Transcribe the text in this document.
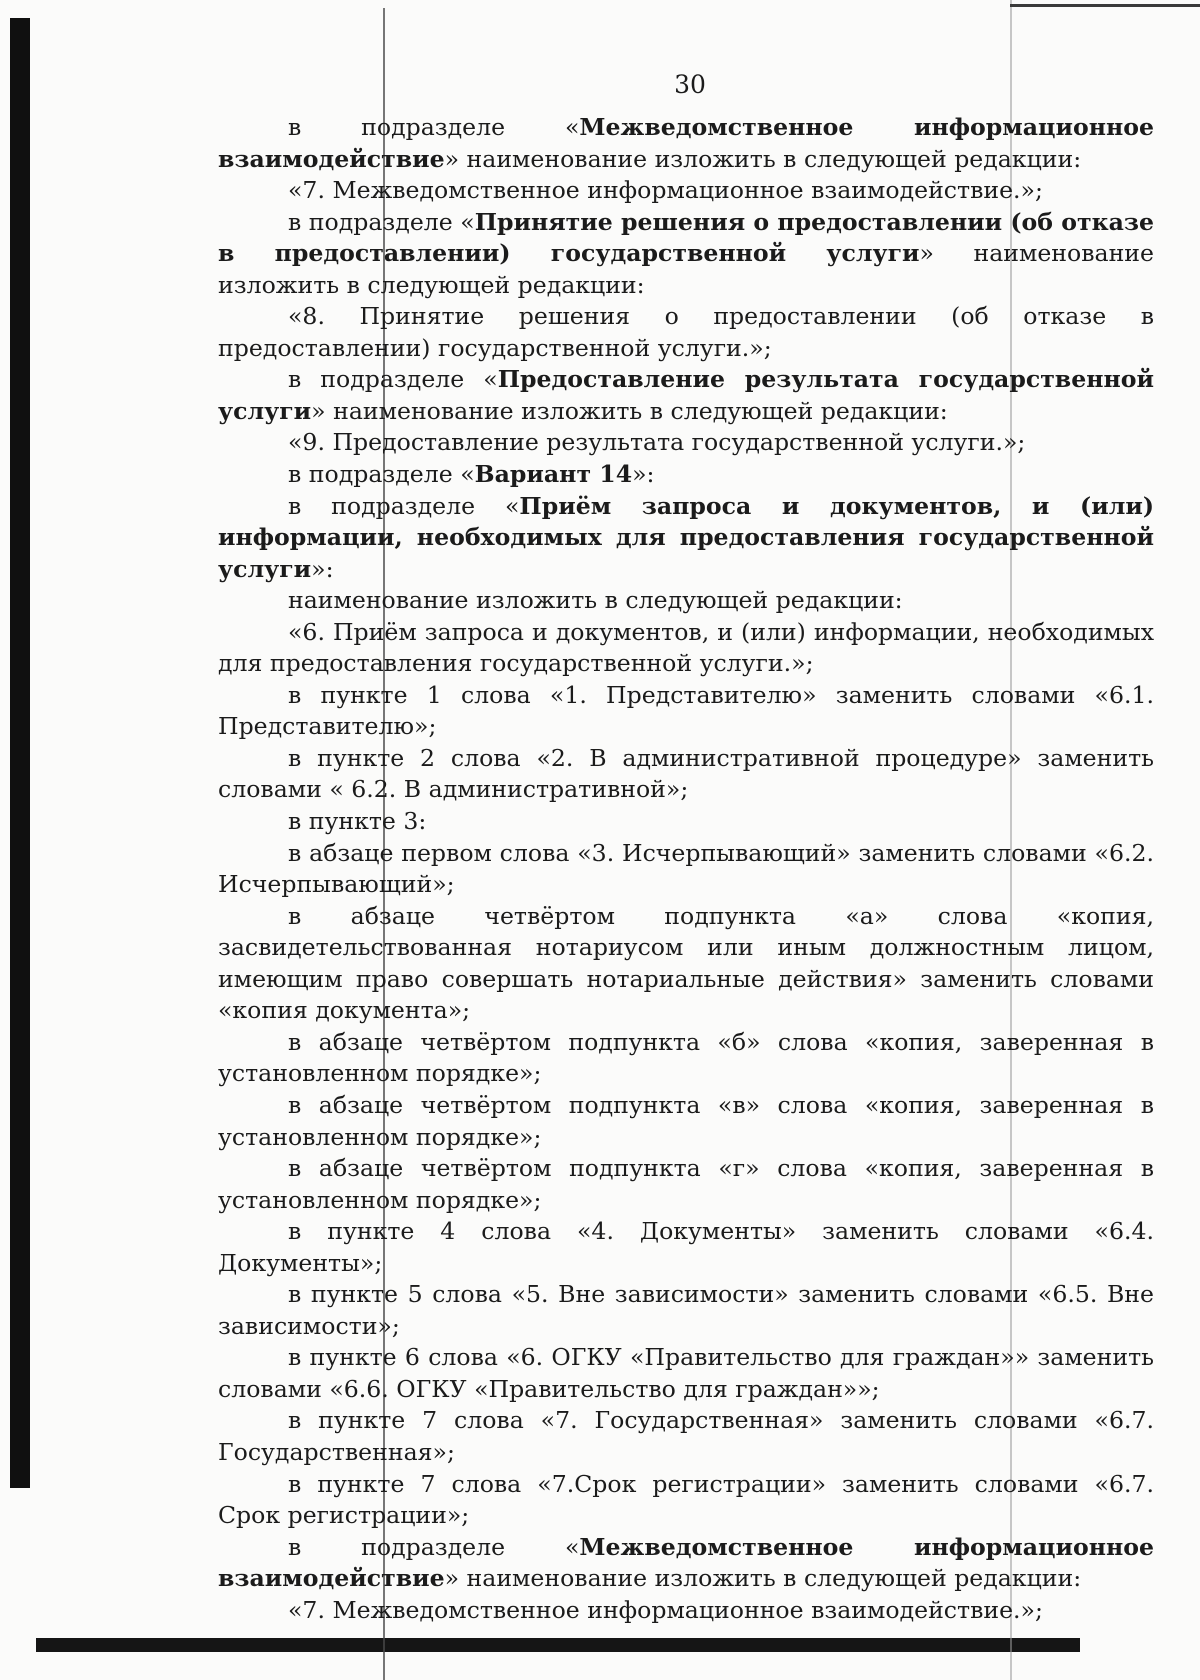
30

в подразделе «Межведомственное информационное взаимодействие» наименование изложить в следующей редакции:

«7. Межведомственное информационное взаимодействие.»;

в подразделе «Принятие решения о предоставлении (об отказе в предоставлении) государственной услуги» наименование изложить в следующей редакции:

«8. Принятие решения о предоставлении (об отказе в предоставлении) государственной услуги.»;

в подразделе «Предоставление результата государственной услуги» наименование изложить в следующей редакции:

«9. Предоставление результата государственной услуги.»;

в подразделе «Вариант 14»:

в подразделе «Приём запроса и документов, и (или) информации, необходимых для предоставления государственной услуги»:

наименование изложить в следующей редакции:

«6. Приём запроса и документов, и (или) информации, необходимых для предоставления государственной услуги.»;

в пункте 1 слова «1. Представителю» заменить словами «6.1. Представителю»;

в пункте 2 слова «2. В административной процедуре» заменить словами « 6.2. В административной»;

в пункте 3:

в абзаце первом слова «3. Исчерпывающий» заменить словами «6.2. Исчерпывающий»;

в абзаце четвёртом подпункта «а» слова «копия, засвидетельствованная нотариусом или иным должностным лицом, имеющим право совершать нотариальные действия» заменить словами «копия документа»;

в абзаце четвёртом подпункта «б» слова «копия, заверенная в установленном порядке»;

в абзаце четвёртом подпункта «в» слова «копия, заверенная в установленном порядке»;

в абзаце четвёртом подпункта «г» слова «копия, заверенная в установленном порядке»;

в пункте 4 слова «4. Документы» заменить словами «6.4. Документы»;

в пункте 5 слова «5. Вне зависимости» заменить словами «6.5. Вне зависимости»;

в пункте 6 слова «6. ОГКУ «Правительство для граждан»» заменить словами «6.6. ОГКУ «Правительство для граждан»»;

в пункте 7 слова «7. Государственная» заменить словами «6.7. Государственная»;

в пункте 7 слова «7.Срок регистрации» заменить словами «6.7. Срок регистрации»;

в подразделе «Межведомственное информационное взаимодействие» наименование изложить в следующей редакции:

«7. Межведомственное информационное взаимодействие.»;
